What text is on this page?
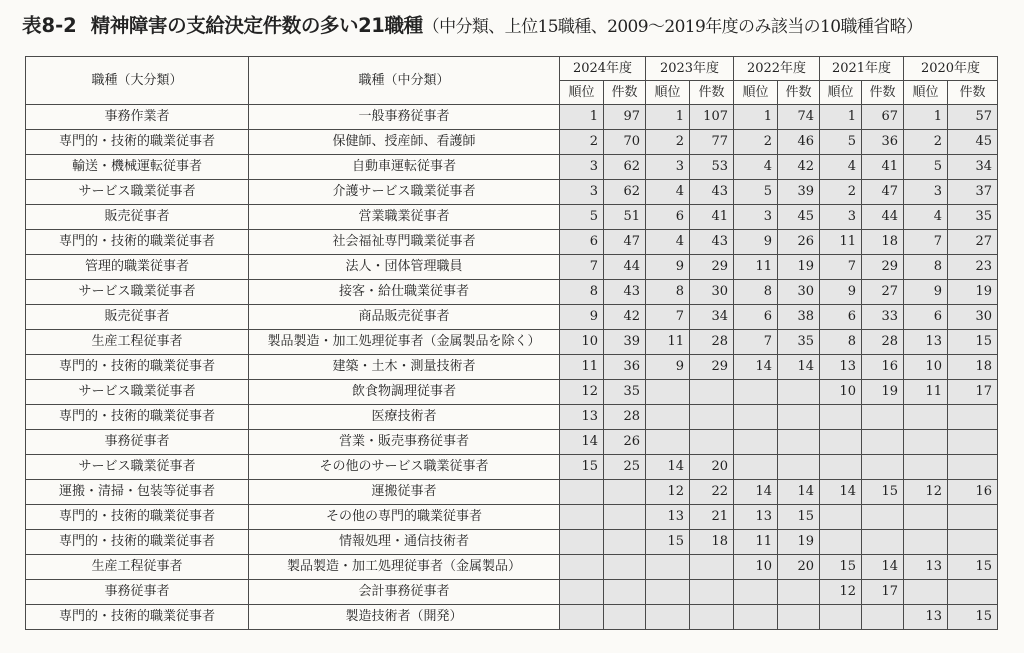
表8-2 精神障害の支給決定件数の多い21職種（中分類、上位15職種、2009〜2019年度のみ該当の10職種省略）
職種（大分類）	職種（中分類）	2024年度		2023年度		2022年度		2021年度		2020年度	
		順位	件数	順位	件数	順位	件数	順位	件数	順位	件数
事務作業者	一般事務従事者	1	97	1	107	1	74	1	67	1	57
専門的・技術的職業従事者	保健師、授産師、看護師	2	70	2	77	2	46	5	36	2	45
輸送・機械運転従事者	自動車運転従事者	3	62	3	53	4	42	4	41	5	34
サービス職業従事者	介護サービス職業従事者	3	62	4	43	5	39	2	47	3	37
販売従事者	営業職業従事者	5	51	6	41	3	45	3	44	4	35
専門的・技術的職業従事者	社会福祉専門職業従事者	6	47	4	43	9	26	11	18	7	27
管理的職業従事者	法人・団体管理職員	7	44	9	29	11	19	7	29	8	23
サービス職業従事者	接客・給仕職業従事者	8	43	8	30	8	30	9	27	9	19
販売従事者	商品販売従事者	9	42	7	34	6	38	6	33	6	30
生産工程従事者	製品製造・加工処理従事者（金属製品を除く）	10	39	11	28	7	35	8	28	13	15
専門的・技術的職業従事者	建築・土木・測量技術者	11	36	9	29	14	14	13	16	10	18
サービス職業従事者	飲食物調理従事者	12	35					10	19	11	17
専門的・技術的職業従事者	医療技術者	13	28								
事務従事者	営業・販売事務従事者	14	26								
サービス職業従事者	その他のサービス職業従事者	15	25	14	20						
運搬・清掃・包装等従事者	運搬従事者			12	22	14	14	14	15	12	16
専門的・技術的職業従事者	その他の専門的職業従事者			13	21	13	15				
専門的・技術的職業従事者	情報処理・通信技術者			15	18	11	19				
生産工程従事者	製品製造・加工処理従事者（金属製品）					10	20	15	14	13	15
事務従事者	会計事務従事者							12	17		
専門的・技術的職業従事者	製造技術者（開発）									13	15
